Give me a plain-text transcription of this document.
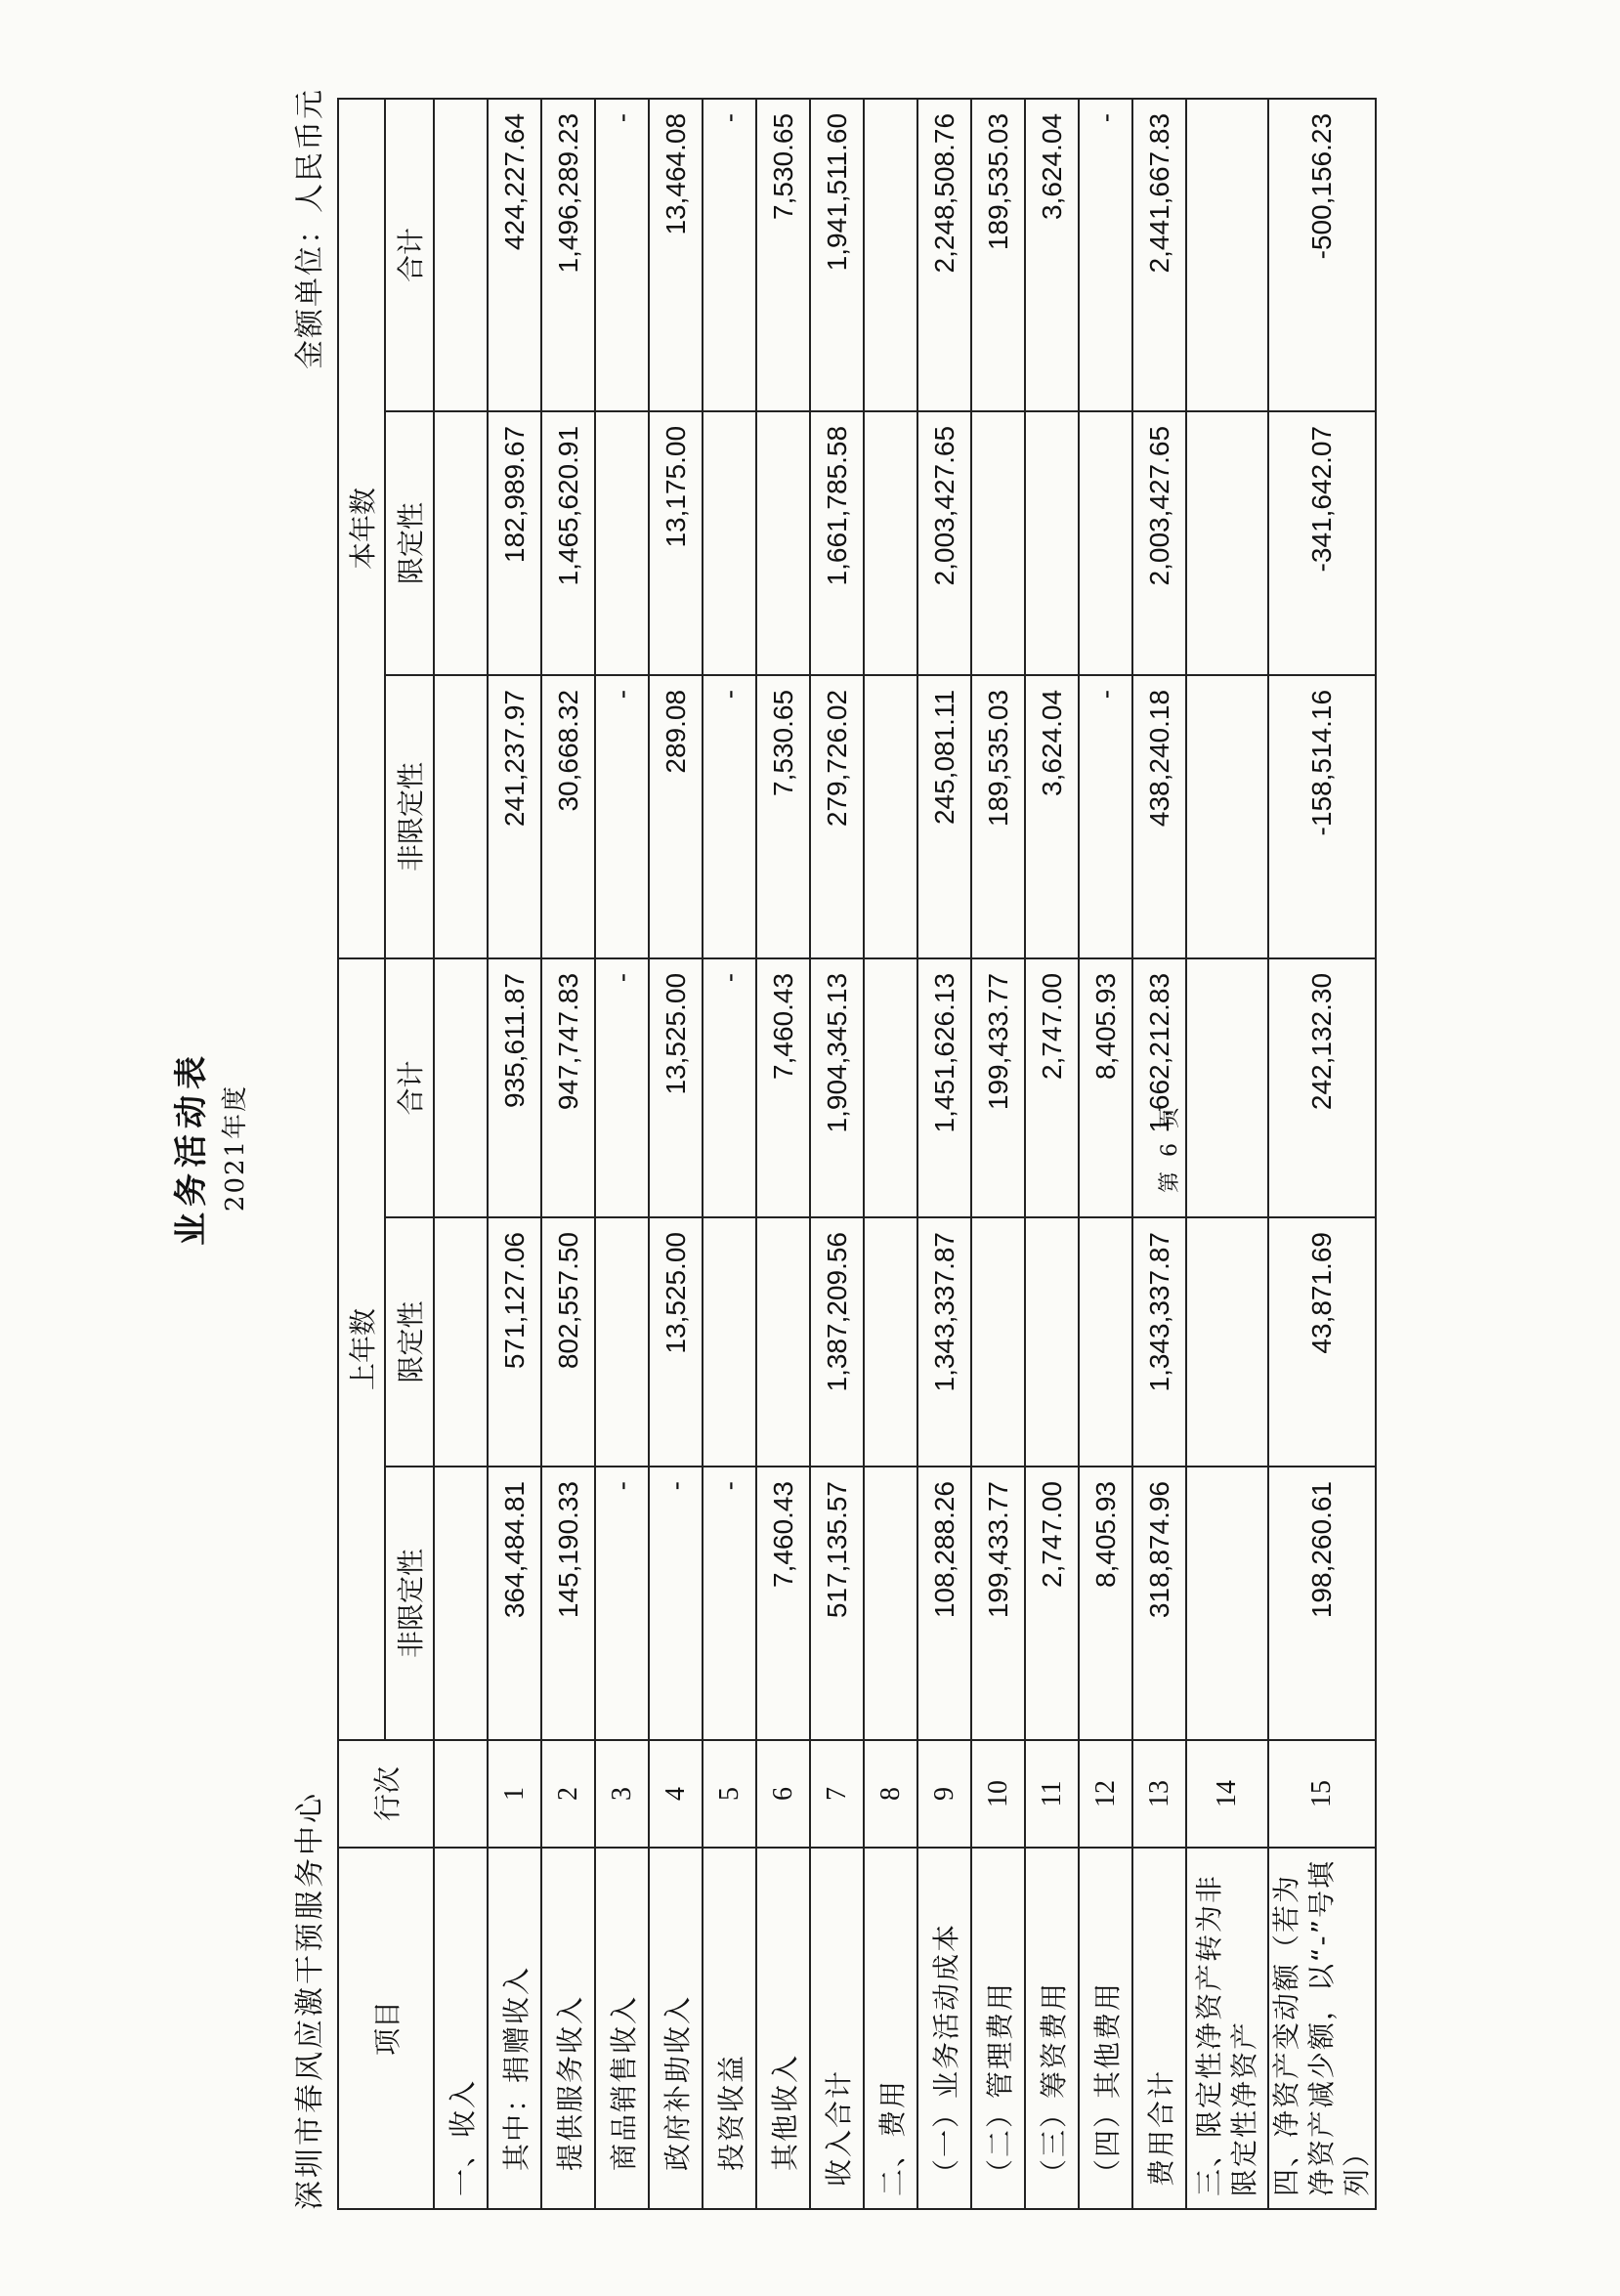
业务活动表 2021年度
深圳市春风应激干预服务中心
金额单位：人民币元
项目	行次	上年数			本年数		
		非限定性	限定性	合计	非限定性	限定性	合计
一、收入							
其中：捐赠收入	1	364,484.81	571,127.06	935,611.87	241,237.97	182,989.67	424,227.64
提供服务收入	2	145,190.33	802,557.50	947,747.83	30,668.32	1,465,620.91	1,496,289.23
商品销售收入	3	-		-	-		-
政府补助收入	4	-	13,525.00	13,525.00	289.08	13,175.00	13,464.08
投资收益	5	-		-	-		-
其他收入	6	7,460.43		7,460.43	7,530.65		7,530.65
收入合计	7	517,135.57	1,387,209.56	1,904,345.13	279,726.02	1,661,785.58	1,941,511.60
二、费用	8						
（一）业务活动成本	9	108,288.26	1,343,337.87	1,451,626.13	245,081.11	2,003,427.65	2,248,508.76
（二）管理费用	10	199,433.77		199,433.77	189,535.03		189,535.03
（三）筹资费用	11	2,747.00		2,747.00	3,624.04		3,624.04
（四）其他费用	12	8,405.93		8,405.93	-		-
费用合计	13	318,874.96	1,343,337.87	1,662,212.83	438,240.18	2,003,427.65	2,441,667.83
三、限定性净资产转为非限定性净资产	14						
四、净资产变动额（若为净资产减少额，以“-”号填列）	15	198,260.61	43,871.69	242,132.30	-158,514.16	-341,642.07	-500,156.23
第 6 页
